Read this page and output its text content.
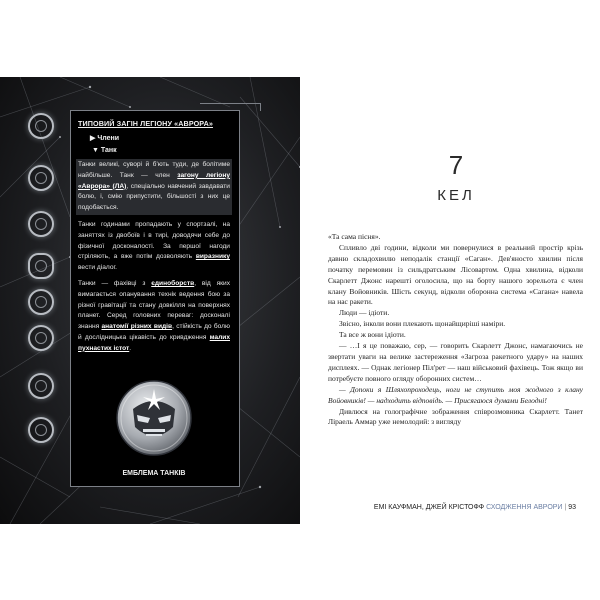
ТИПОВИЙ ЗАГІН ЛЕГІОНУ «АВРОРА»
▶ Члени
▼ Танк
Танки великі, суворі й б'ють туди, де болітиме найбільше. Танк — член загону легіону «Аврора» (ЛА), спеціально навчений завдавати болю, і, смію припустити, більшості з них це подобається.
Танки годинами пропадають у спортзалі, на заняттях із двобоїв і в тирі, доводячи себе до фізичної досконалості. За першої нагоди стріляють, а вже потім дозволяють виразнику вести діалог.
Танки — фахівці з єдиноборств, від яких вимагається опанування технік ведення бою за різної гравітації та стану довкілля на поверхнях планет. Серед головних переваг: досконалі знання анатомії різних видів, стійкість до болю й дослідницька цікавість до кривдження малих пухнастих істот.
ЕМБЛЕМА ТАНКІВ
7
КЕЛ

«Та сама пісня».

Спливло дві години, відколи ми повернулися в реальний простір крізь давню складохвилю неподалік станції «Саган». Дев'яносто хвилин після початку перемовин із сильдратським Лісовартом. Одна хвилина, відколи Скарлетт Джонс нарешті оголосила, що на борту нашого зорельота є член клану Войовників. Шість секунд, відколи оборонна система «Сагана» навела на нас ракети.

Люди — ідіоти.

Звісно, інколи вони плекають щонайщиріші наміри.

Та все ж вони ідіоти.

— …І я це поважаю, сер, — говорить Скарлетт Джонс, намагаючись не звертати уваги на велике застереження «Загроза ракетного удару» на наших дисплеях. — Однак легіонер Піл'рет — наш військовий фахівець. Тож якщо ви потребуєте повного огляду оборонних систем…

— Допоки я Шляхопроходець, ноги не ступить моя жодного з клану Войовників! — надходить відповідь. — Присягаюся думами Белодні!

Дивлюся на голографічне зображення співрозмовника Скарлетт. Танет Ліраель Аммар уже немолодий: з вигляду

ЕМІ КАУФМАН, ДЖЕЙ КРІСТОФФ СХОДЖЕННЯ АВРОРИ | 93
